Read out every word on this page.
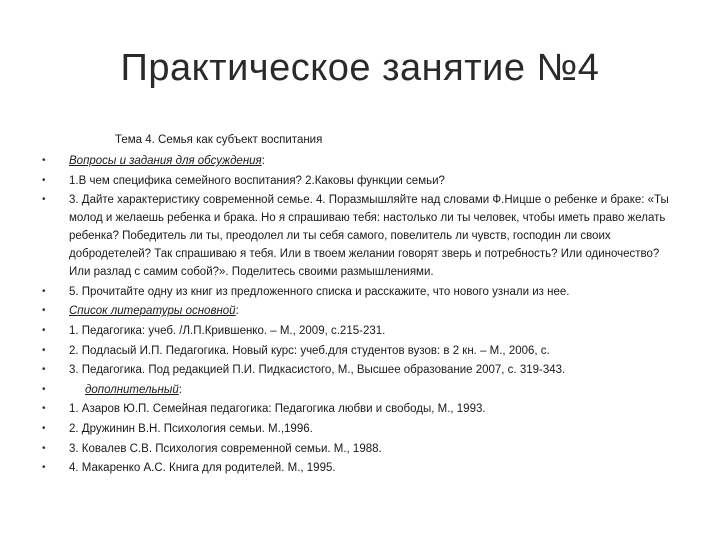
Практическое занятие №4
Тема 4. Семья как субъект воспитания
• Вопросы и задания для обсуждения:
• 1.В чем специфика семейного воспитания? 2.Каковы функции семьи?
• 3. Дайте характеристику современной семье. 4. Поразмышляйте над словами Ф.Ницше о ребенке и браке: «Ты молод и желаешь ребенка и брака. Но я спрашиваю тебя: настолько ли ты человек, чтобы иметь право желать ребенка? Победитель ли ты, преодолел ли ты себя самого, повелитель ли чувств, господин ли своих добродетелей? Так спрашиваю я тебя. Или в твоем желании говорят зверь и потребность? Или одиночество? Или разлад с самим собой?». Поделитесь своими размышлениями.
• 5. Прочитайте одну из книг из предложенного списка и расскажите, что нового узнали из нее.
• Список литературы основной:
• 1. Педагогика: учеб. /Л.П.Крившенко. – М., 2009, с.215-231.
• 2. Подласый И.П. Педагогика. Новый курс: учеб.для студентов вузов: в 2 кн. – М., 2006, с.
• 3. Педагогика. Под редакцией П.И. Пидкасистого, М., Высшее образование 2007, с. 319-343.
• дополнительный:
• 1. Азаров Ю.П. Семейная педагогика: Педагогика любви и свободы, М., 1993.
• 2. Дружинин В.Н. Психология семьи. М.,1996.
• 3. Ковалев С.В. Психология современной семьи. М., 1988.
• 4. Макаренко А.С. Книга для родителей. М., 1995.
